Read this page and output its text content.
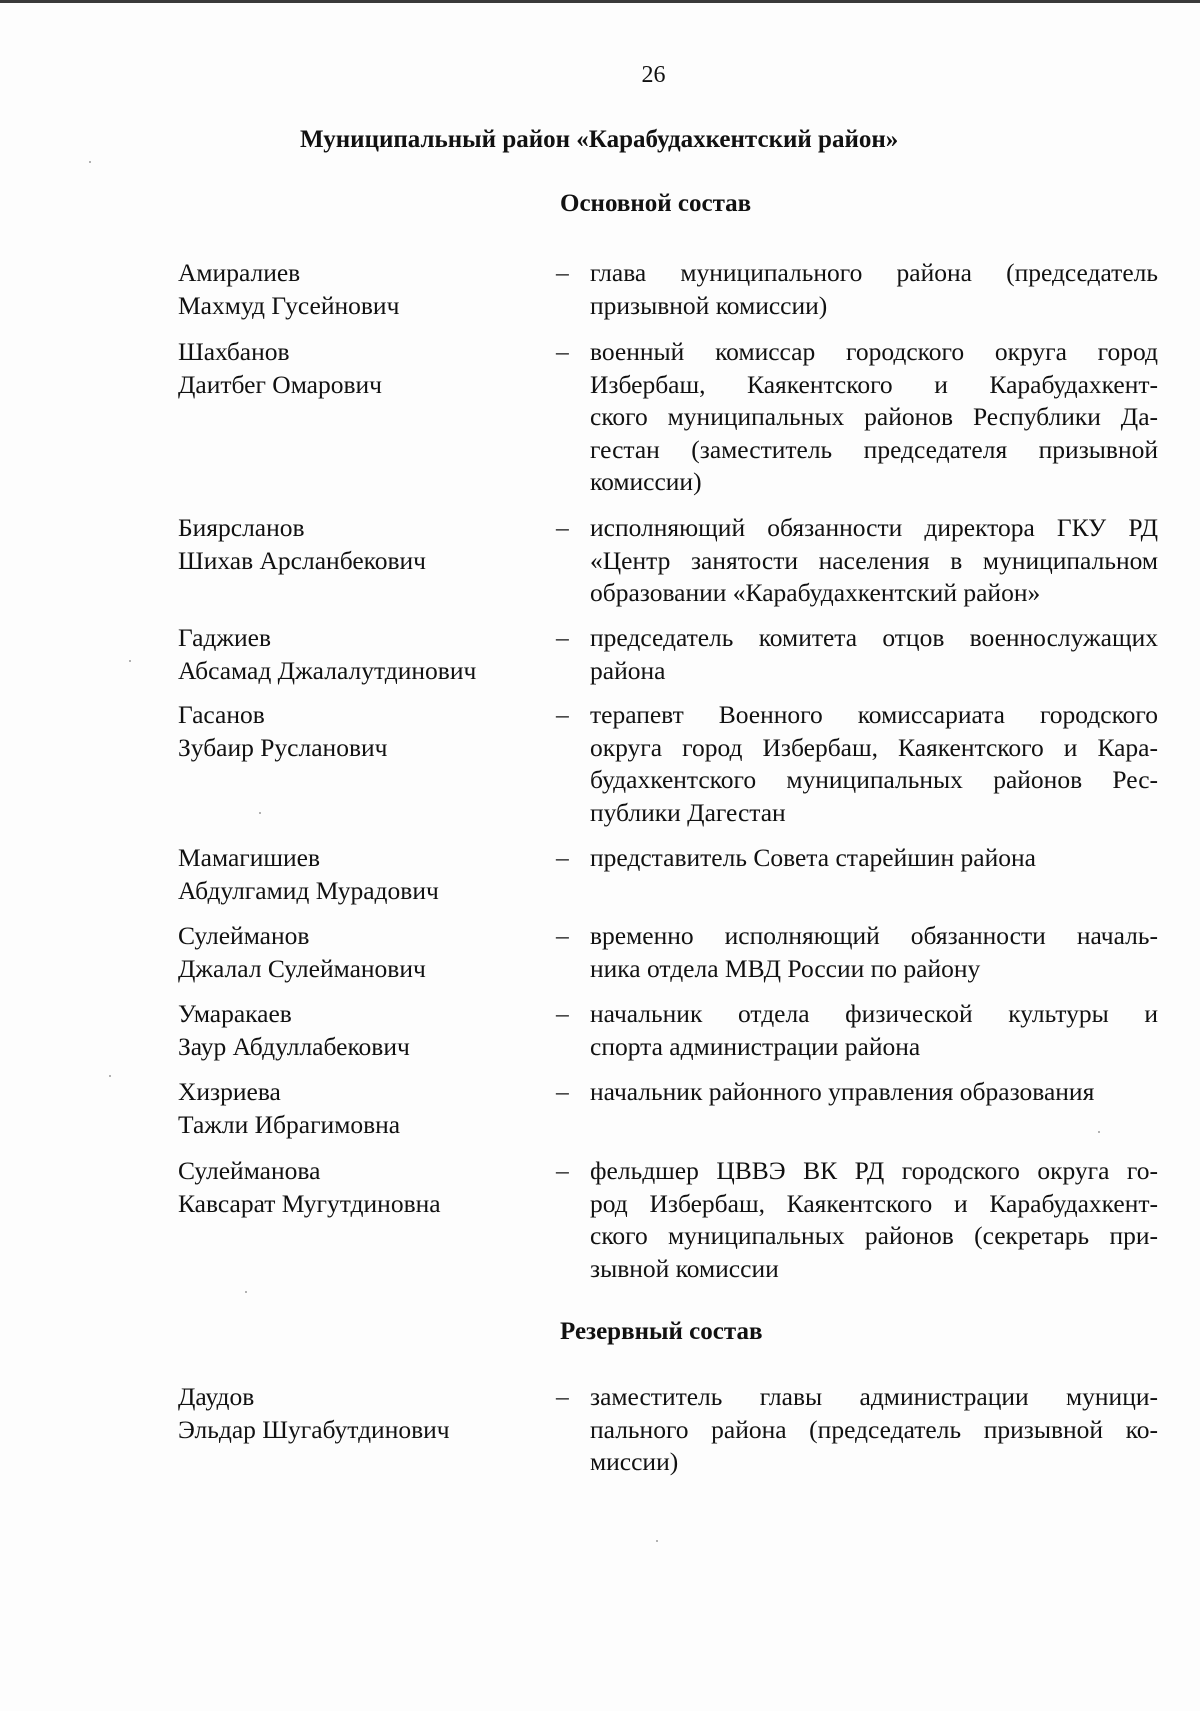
26
Муниципальный район «Карабудахкентский район»
Основной состав
Амиралиев
Махмуд Гусейнович
– глава муниципального района (председатель
призывной комиссии)
Шахбанов
Даитбег Омарович
– военный комиссар городского округа город
Избербаш, Каякентского и Карабудахкент-
ского муниципальных районов Республики Да-
гестан (заместитель председателя призывной
комиссии)
Биярсланов
Шихав Арсланбекович
– исполняющий обязанности директора ГКУ РД
«Центр занятости населения в муниципальном
образовании «Карабудахкентский район»
Гаджиев
Абсамад Джалалутдинович
– председатель комитета отцов военнослужащих
района
Гасанов
Зубаир Русланович
– терапевт Военного комиссариата городского
округа город Избербаш, Каякентского и Кара-
будахкентского муниципальных районов Рес-
публики Дагестан
Мамагишиев
Абдулгамид Мурадович
– представитель Совета старейшин района
Сулейманов
Джалал Сулейманович
– временно исполняющий обязанности началь-
ника отдела МВД России по району
Умаракаев
Заур Абдуллабекович
– начальник отдела физической культуры и
спорта администрации района
Хизриева
Тажли Ибрагимовна
– начальник районного управления образования
Сулейманова
Кавсарат Мугутдиновна
– фельдшер ЦВВЭ ВК РД городского округа го-
род Избербаш, Каякентского и Карабудахкент-
ского муниципальных районов (секретарь при-
зывной комиссии
Резервный состав
Даудов
Эльдар Шугабутдинович
– заместитель главы администрации муници-
пального района (председатель призывной ко-
миссии)
